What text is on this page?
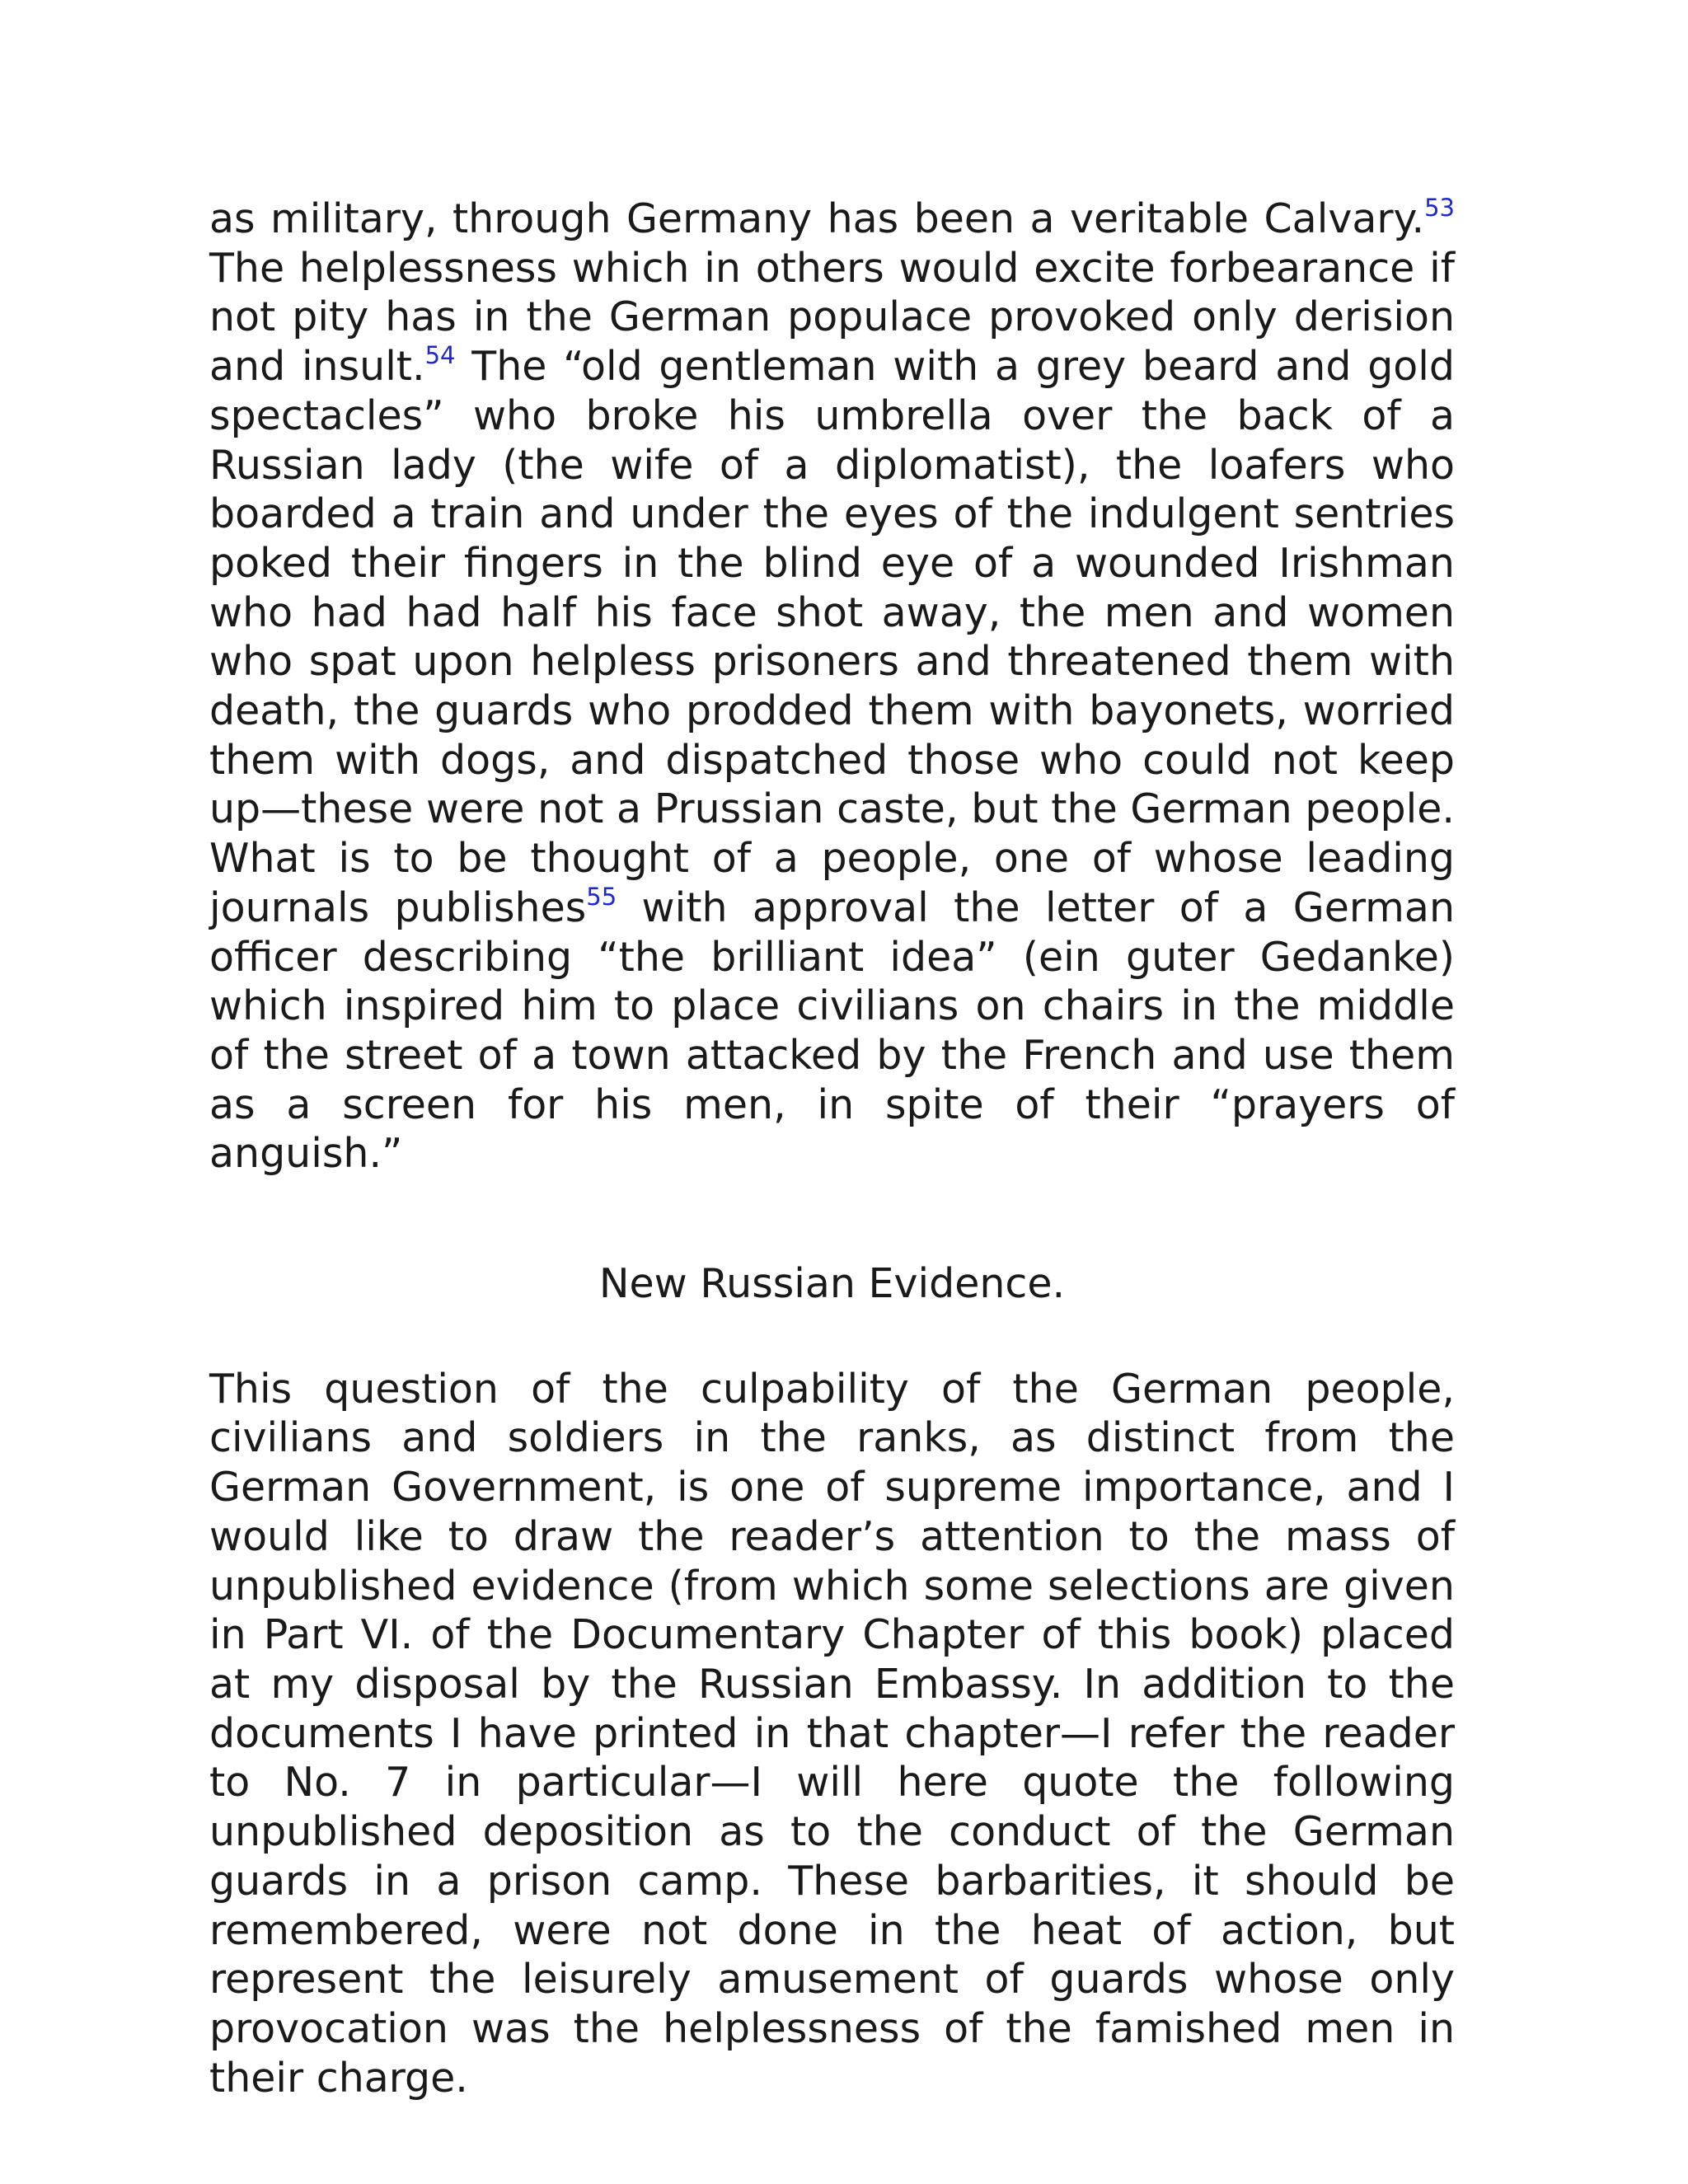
as military, through Germany has been a veritable Calvary.$^{53}$ The helplessness which in others would excite forbearance if not pity has in the German populace provoked only derision and insult.$^{54}$ The “old gentleman with a grey beard and gold spectacles” who broke his umbrella over the back of a Russian lady (the wife of a diplomatist), the loafers who boarded a train and under the eyes of the indulgent sentries poked their fingers in the blind eye of a wounded Irishman who had had half his face shot away, the men and women who spat upon helpless prisoners and threatened them with death, the guards who prodded them with bayonets, worried them with dogs, and dispatched those who could not keep up—these were not a Prussian caste, but the German people. What is to be thought of a people, one of whose leading journals publishes$^{55}$ with approval the letter of a German officer describing “the brilliant idea” (ein guter Gedanke) which inspired him to place civilians on chairs in the middle of the street of a town attacked by the French and use them as a screen for his men, in spite of their “prayers of anguish.”

New Russian Evidence.

This question of the culpability of the German people, civilians and soldiers in the ranks, as distinct from the German Government, is one of supreme importance, and I would like to draw the reader’s attention to the mass of unpublished evidence (from which some selections are given in Part VI. of the Documentary Chapter of this book) placed at my disposal by the Russian Embassy. In addition to the documents I have printed in that chapter—I refer the reader to No. 7 in particular—I will here quote the following unpublished deposition as to the conduct of the German guards in a prison camp. These barbarities, it should be remembered, were not done in the heat of action, but represent the leisurely amusement of guards whose only provocation was the helplessness of the famished men in their charge.
